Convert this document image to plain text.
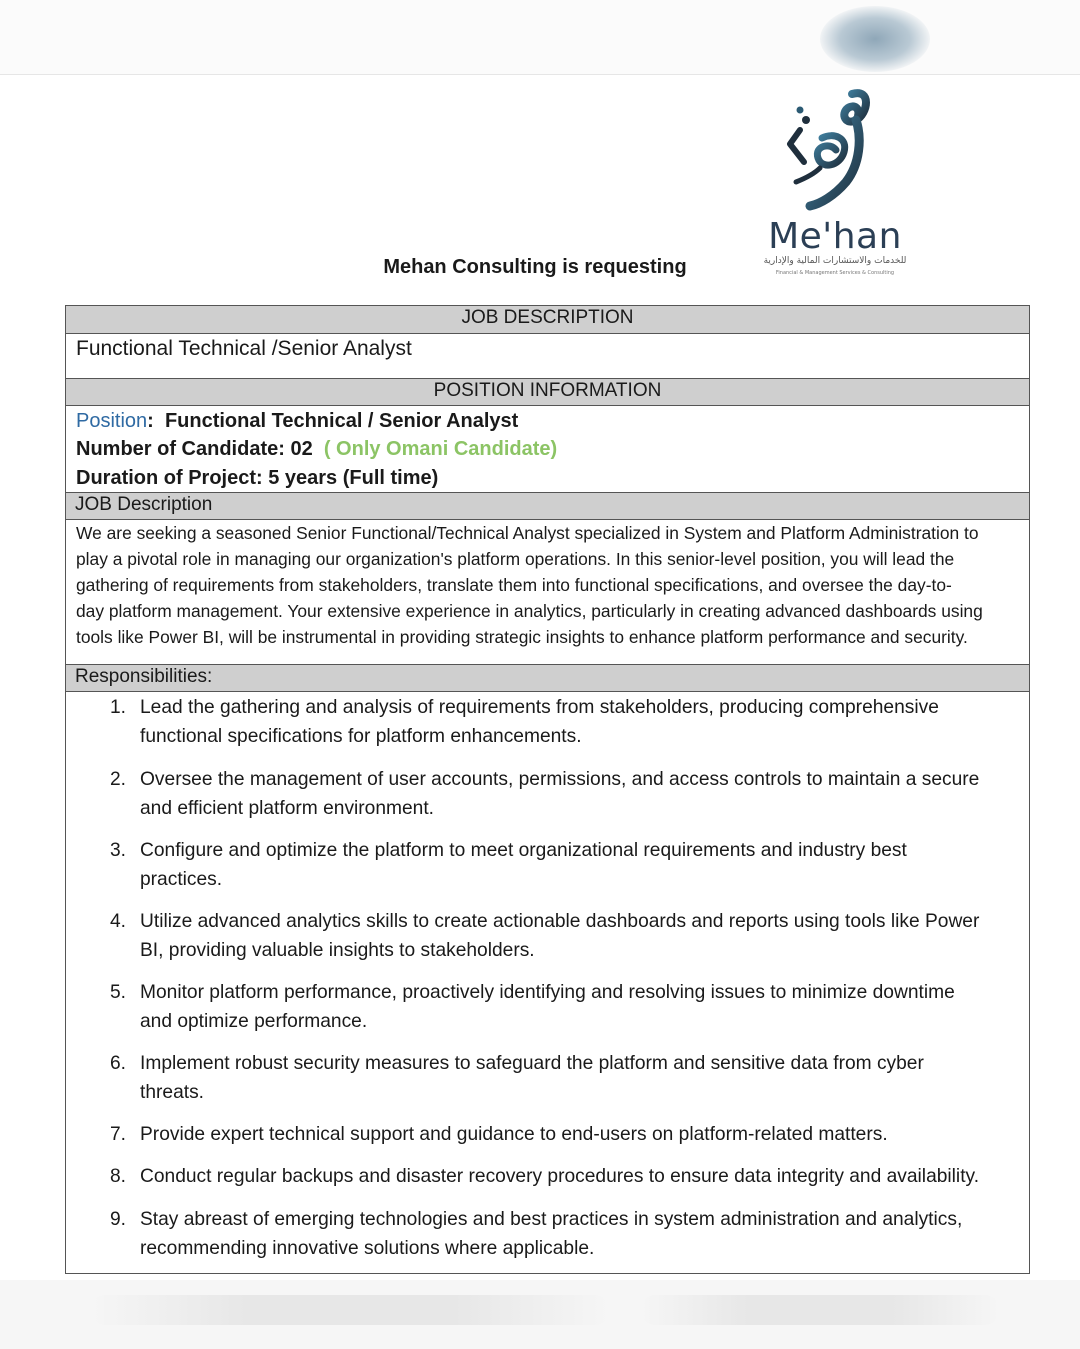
Me'han
للخدمات والاستشارات المالية والإدارية
Financial & Management Services & Consulting
Mehan Consulting is requesting
JOB DESCRIPTION
Functional Technical /Senior Analyst
POSITION INFORMATION
Position:  Functional Technical / Senior Analyst
Number of Candidate: 02 ( Only Omani Candidate)
Duration of Project: 5 years (Full time)
JOB Description
We are seeking a seasoned Senior Functional/Technical Analyst specialized in System and Platform Administration to
play a pivotal role in managing our organization's platform operations. In this senior-level position, you will lead the
gathering of requirements from stakeholders, translate them into functional specifications, and oversee the day-to-
day platform management. Your extensive experience in analytics, particularly in creating advanced dashboards using
tools like Power BI, will be instrumental in providing strategic insights to enhance platform performance and security.
Responsibilities:
1. Lead the gathering and analysis of requirements from stakeholders, producing comprehensive
functional specifications for platform enhancements.
2. Oversee the management of user accounts, permissions, and access controls to maintain a secure
and efficient platform environment.
3. Configure and optimize the platform to meet organizational requirements and industry best
practices.
4. Utilize advanced analytics skills to create actionable dashboards and reports using tools like Power
BI, providing valuable insights to stakeholders.
5. Monitor platform performance, proactively identifying and resolving issues to minimize downtime
and optimize performance.
6. Implement robust security measures to safeguard the platform and sensitive data from cyber
threats.
7. Provide expert technical support and guidance to end-users on platform-related matters.
8. Conduct regular backups and disaster recovery procedures to ensure data integrity and availability.
9. Stay abreast of emerging technologies and best practices in system administration and analytics,
recommending innovative solutions where applicable.
